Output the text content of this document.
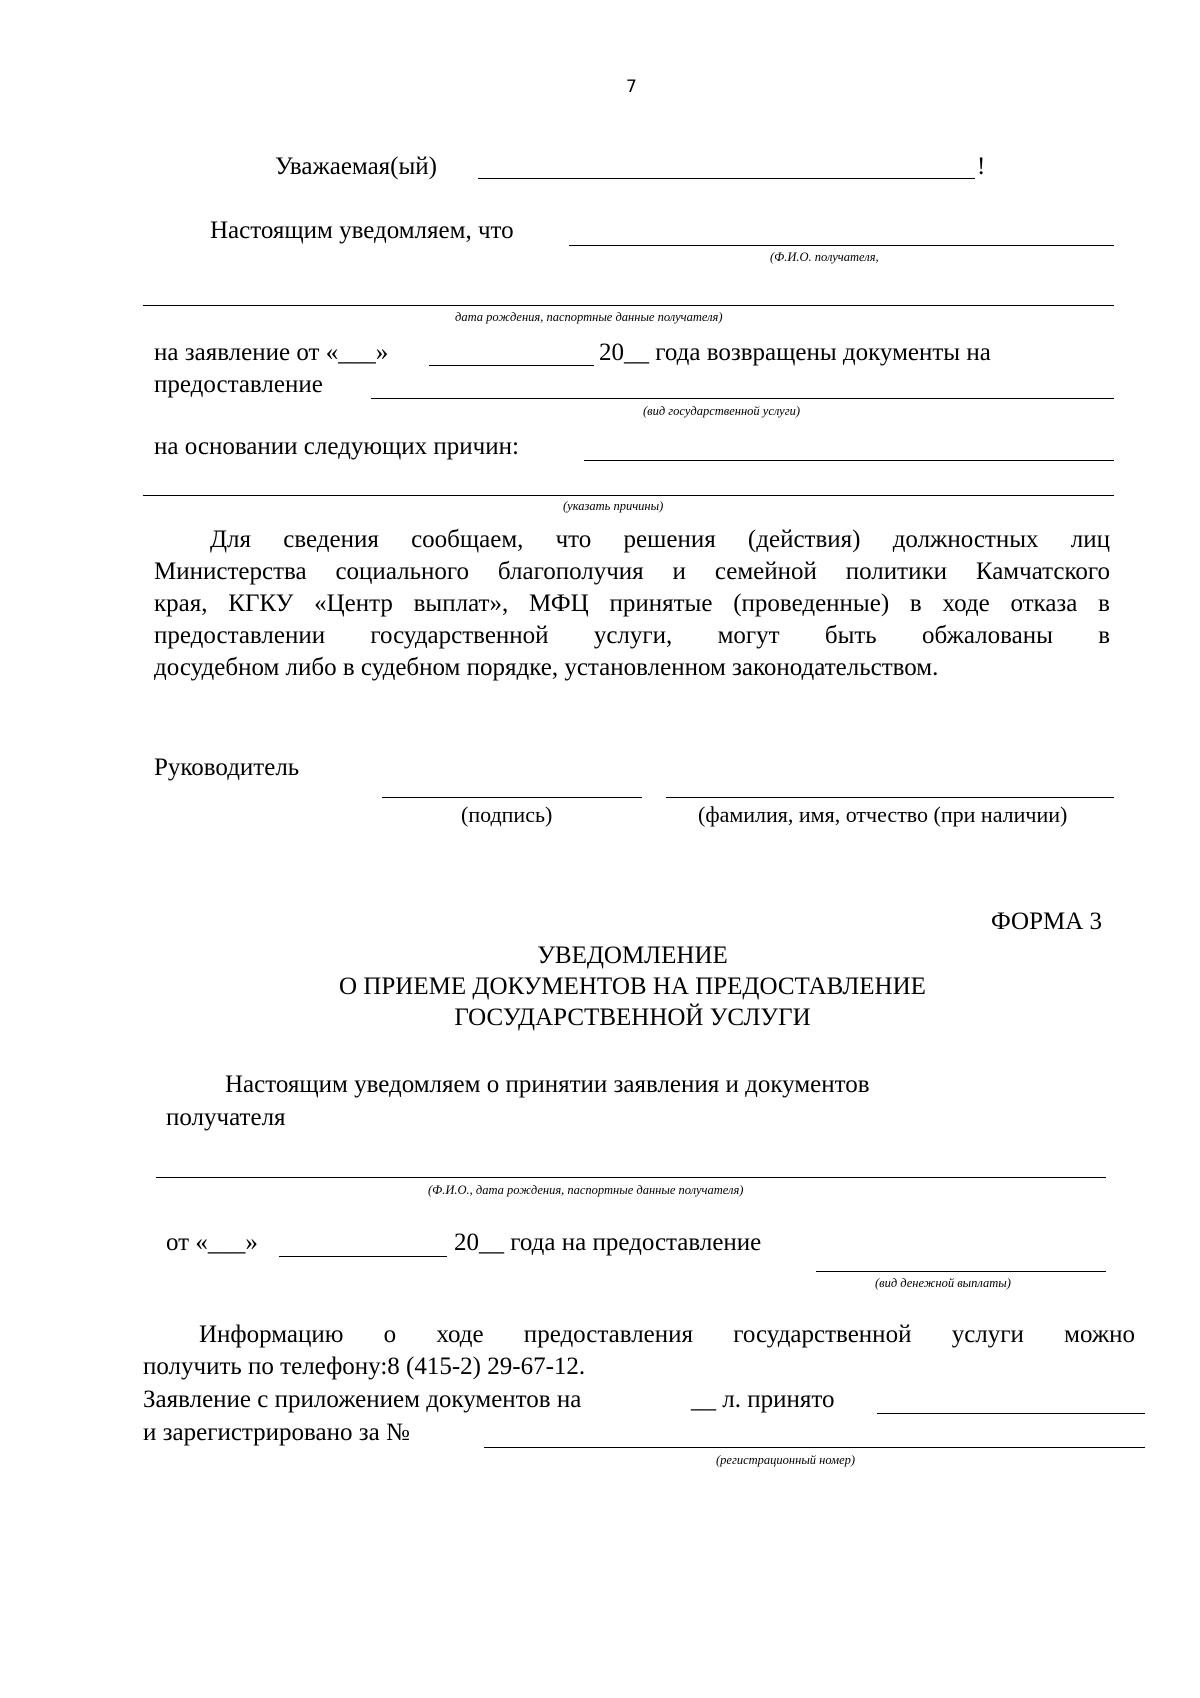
7
Уважаемая(ый)	!
Настоящим уведомляем, что
(Ф.И.О. получателя,
дата рождения, паспортные данные получателя)
на заявление от «___»	20__ года возвращены документы на
предоставление
(вид государственной услуги)
на основании следующих причин:
(указать причины)
Для сведения сообщаем, что решения (действия) должностных лиц
Министерства социального благополучия и семейной политики Камчатского
края, КГКУ «Центр выплат», МФЦ принятые (проведенные) в ходе отказа в
предоставлении государственной услуги, могут быть обжалованы в
досудебном либо в судебном порядке, установленном законодательством.
Руководитель
(подпись)	(фамилия, имя, отчество (при наличии)
ФОРМА 3
УВЕДОМЛЕНИЕ
О ПРИЕМЕ ДОКУМЕНТОВ НА ПРЕДОСТАВЛЕНИЕ
ГОСУДАРСТВЕННОЙ УСЛУГИ
Настоящим уведомляем о принятии заявления и документов
получателя
(Ф.И.О., дата рождения, паспортные данные получателя)
от «___»	20__ года на предоставление
(вид денежной выплаты)
Информацию о ходе предоставления государственной услуги можно
получить по телефону:8 (415-2) 29-67-12.
Заявление с приложением документов на	__ л. принято
и зарегистрировано за №
(регистрационный номер)
